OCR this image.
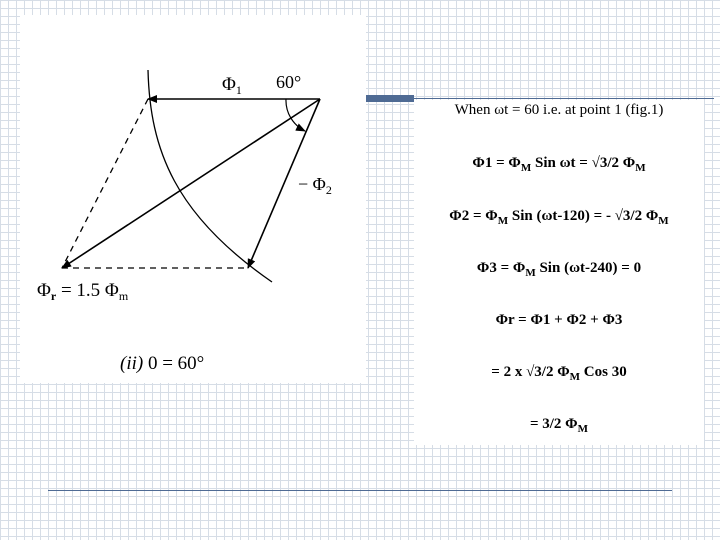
$\Phi_1$ 60°
− $\Phi_2$
$\Phi_r = 1.5$ $\Phi_m$
(ii) 0 = 60°
When ωt = 60 i.e. at point 1 (fig.1)
$\Phi 1 = \Phi_M$ Sin ωt = √3/2 $\Phi_M$
$\Phi 2 = \Phi_M$ Sin (ωt-120) = - √3/2 $\Phi_M$
$\Phi 3 = \Phi_M$ Sin (ωt-240) = 0
Φr = Φ1 + Φ2 + Φ3
= 2 x √3/2 $\Phi_M$ Cos 30
= 3/2 $\Phi_M$
